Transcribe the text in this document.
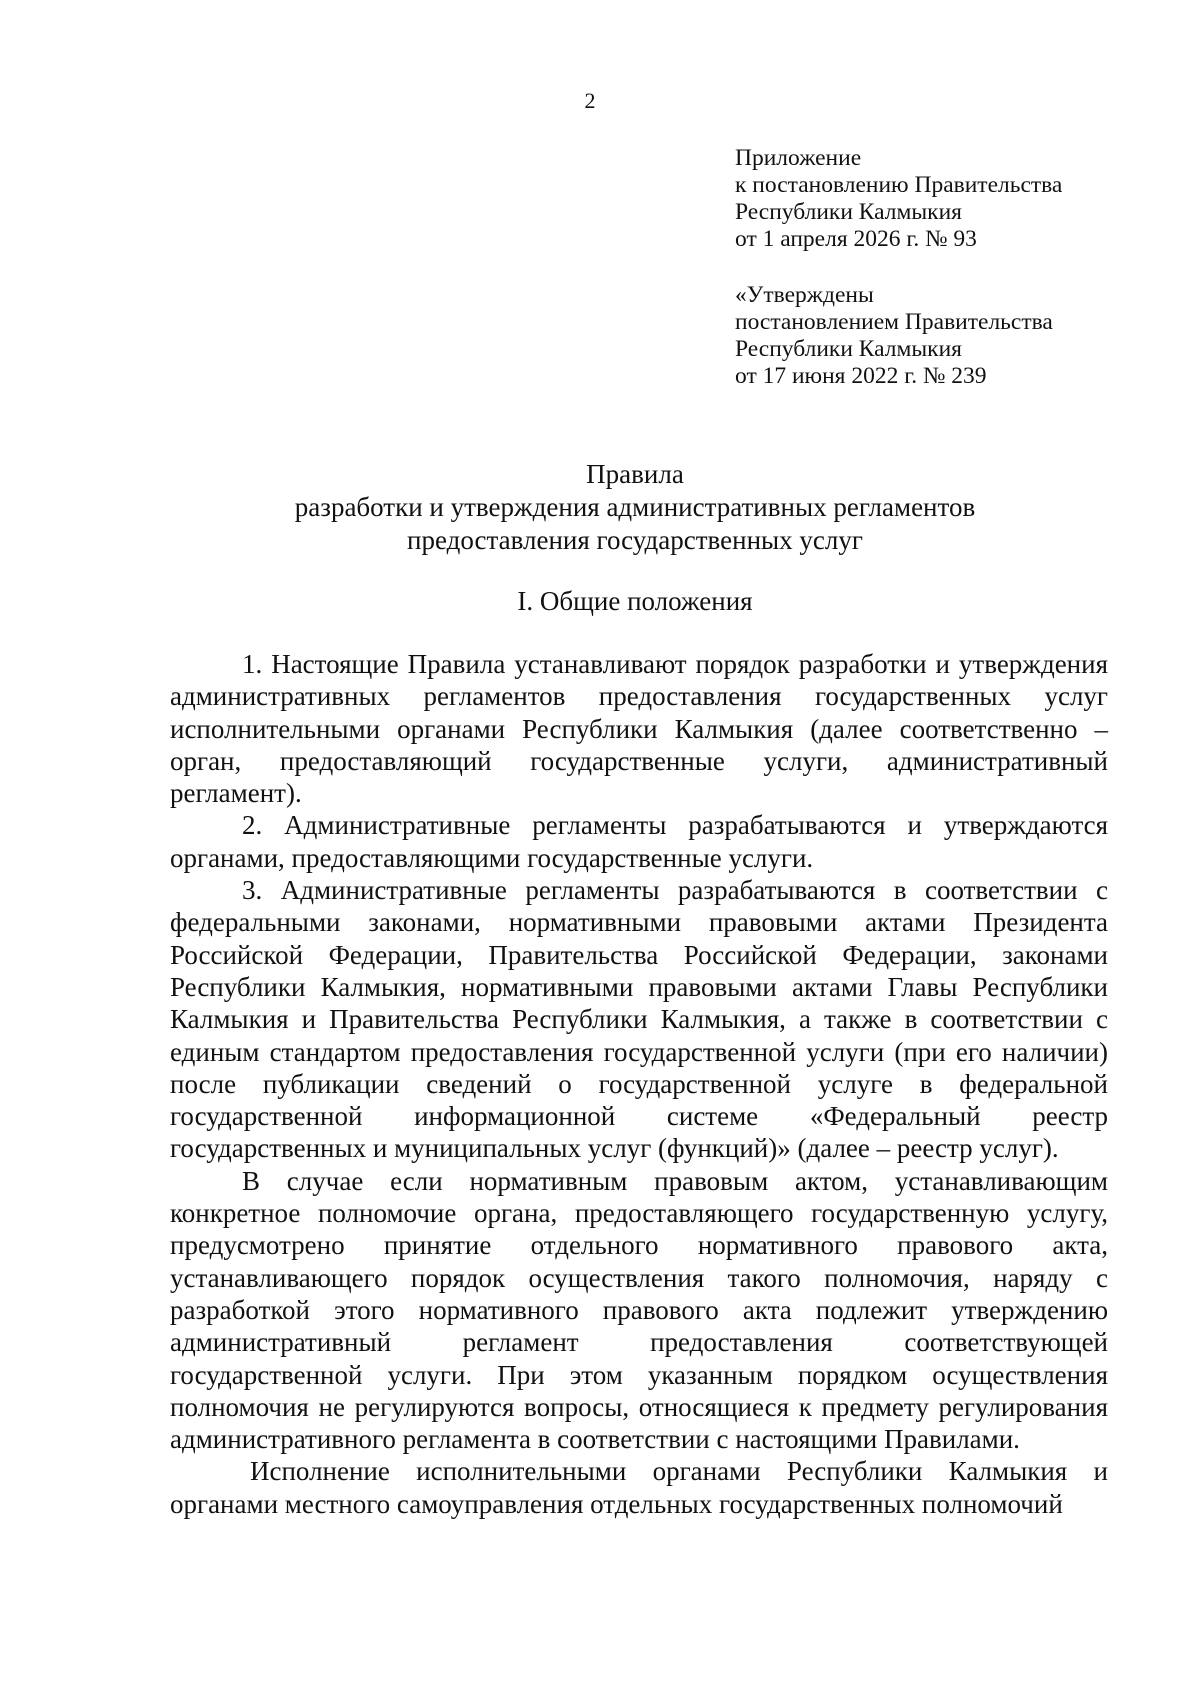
2
Приложение
к постановлению Правительства
Республики Калмыкия
от 1 апреля 2026 г. № 93
«Утверждены
постановлением Правительства
Республики Калмыкия
от 17 июня 2022 г. № 239
Правила
разработки и утверждения административных регламентов
предоставления государственных услуг
I. Общие положения

1. Настоящие Правила устанавливают порядок разработки и утверждения административных регламентов предоставления государственных услуг исполнительными органами Республики Калмыкия (далее соответственно – орган, предоставляющий государственные услуги, административный регламент).

2. Административные регламенты разрабатываются и утверждаются органами, предоставляющими государственные услуги.

3. Административные регламенты разрабатываются в соответствии с федеральными законами, нормативными правовыми актами Президента Российской Федерации, Правительства Российской Федерации, законами Республики Калмыкия, нормативными правовыми актами Главы Республики Калмыкия и Правительства Республики Калмыкия, а также в соответствии с единым стандартом предоставления государственной услуги (при его наличии) после публикации сведений о государственной услуге в федеральной государственной информационной системе «Федеральный реестр государственных и муниципальных услуг (функций)» (далее – реестр услуг).

В случае если нормативным правовым актом, устанавливающим конкретное полномочие органа, предоставляющего государственную услугу, предусмотрено принятие отдельного нормативного правового акта, устанавливающего порядок осуществления такого полномочия, наряду с разработкой этого нормативного правового акта подлежит утверждению административный регламент предоставления соответствующей государственной услуги. При этом указанным порядком осуществления полномочия не регулируются вопросы, относящиеся к предмету регулирования административного регламента в соответствии с настоящими Правилами.

Исполнение исполнительными органами Республики Калмыкия и органами местного самоуправления отдельных государственных полномочий
